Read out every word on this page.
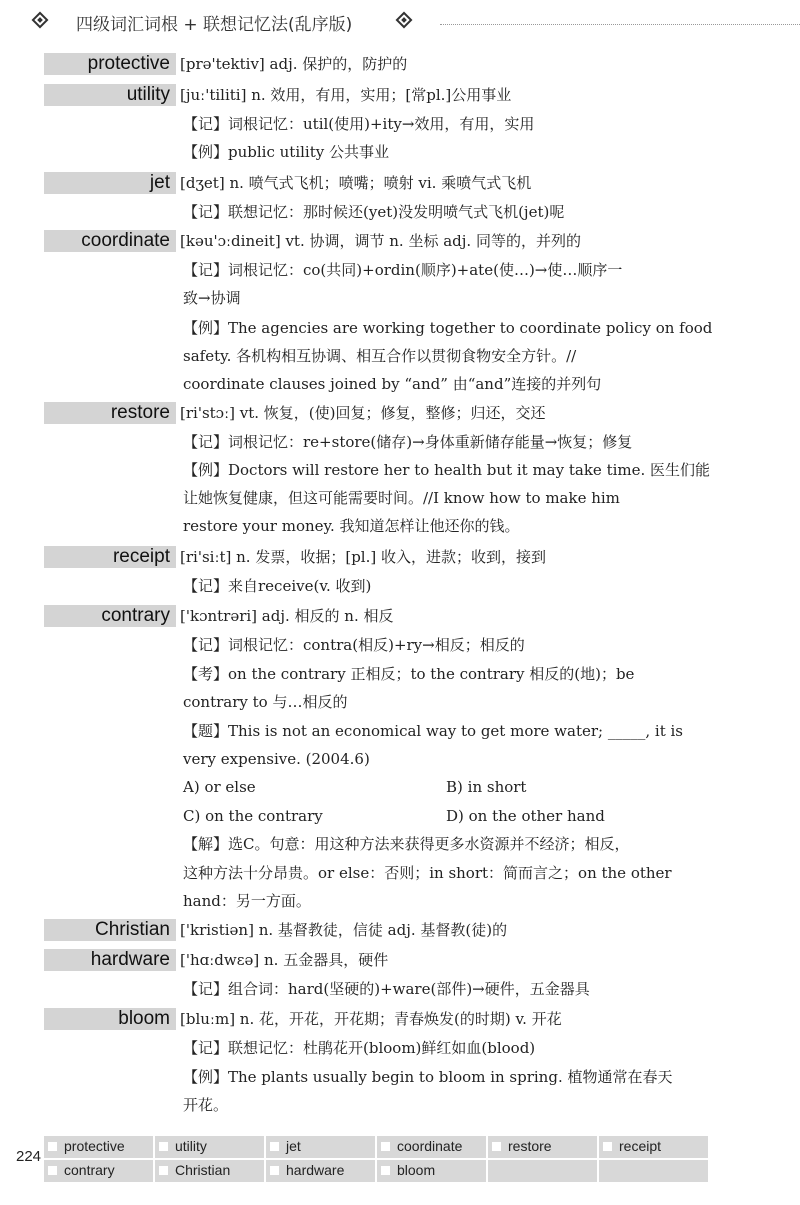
四级词汇词根 + 联想记忆法(乱序版)
protective [prə'tektiv] adj. 保护的，防护的
utility [juː'tiliti] n. 效用，有用，实用；[常pl.]公用事业
【记】词根记忆：util(使用)+ity→效用，有用，实用
【例】public utility 公共事业
jet [dʒet] n. 喷气式飞机；喷嘴；喷射 vi. 乘喷气式飞机
【记】联想记忆：那时候还(yet)没发明喷气式飞机(jet)呢
coordinate [kəu'ɔːdineit] vt. 协调，调节 n. 坐标 adj. 同等的，并列的
【记】词根记忆：co(共同)+ordin(顺序)+ate(使…)→使…顺序一
致→协调
【例】The agencies are working together to coordinate policy on food
safety. 各机构相互协调、相互合作以贯彻食物安全方针。//
coordinate clauses joined by “and” 由“and”连接的并列句
restore [ri'stɔː] vt. 恢复，(使)回复；修复，整修；归还，交还
【记】词根记忆：re+store(储存)→身体重新储存能量→恢复；修复
【例】Doctors will restore her to health but it may take time. 医生们能
让她恢复健康，但这可能需要时间。//I know how to make him
restore your money. 我知道怎样让他还你的钱。
receipt [ri'siːt] n. 发票，收据；[pl.] 收入，进款；收到，接到
【记】来自receive(v. 收到)
contrary ['kɔntrəri] adj. 相反的 n. 相反
【记】词根记忆：contra(相反)+ry→相反；相反的
【考】on the contrary 正相反；to the contrary 相反的(地)；be
contrary to 与…相反的
【题】This is not an economical way to get more water; _____, it is
very expensive. (2004.6)
A) or else	B) in short
C) on the contrary	D) on the other hand
【解】选C。句意：用这种方法来获得更多水资源并不经济；相反，
这种方法十分昂贵。or else：否则；in short：简而言之；on the other
hand：另一方面。
Christian ['kristiən] n. 基督教徒，信徒 adj. 基督教(徒)的
hardware ['hɑːdwɛə] n. 五金器具，硬件
【记】组合词：hard(坚硬的)+ware(部件)→硬件，五金器具
bloom [bluːm] n. 花，开花，开花期；青春焕发(的时期) v. 开花
【记】联想记忆：杜鹃花开(bloom)鲜红如血(blood)
【例】The plants usually begin to bloom in spring. 植物通常在春天
开花。
224
protective	utility	jet	coordinate	restore	receipt
contrary	Christian	hardware	bloom
